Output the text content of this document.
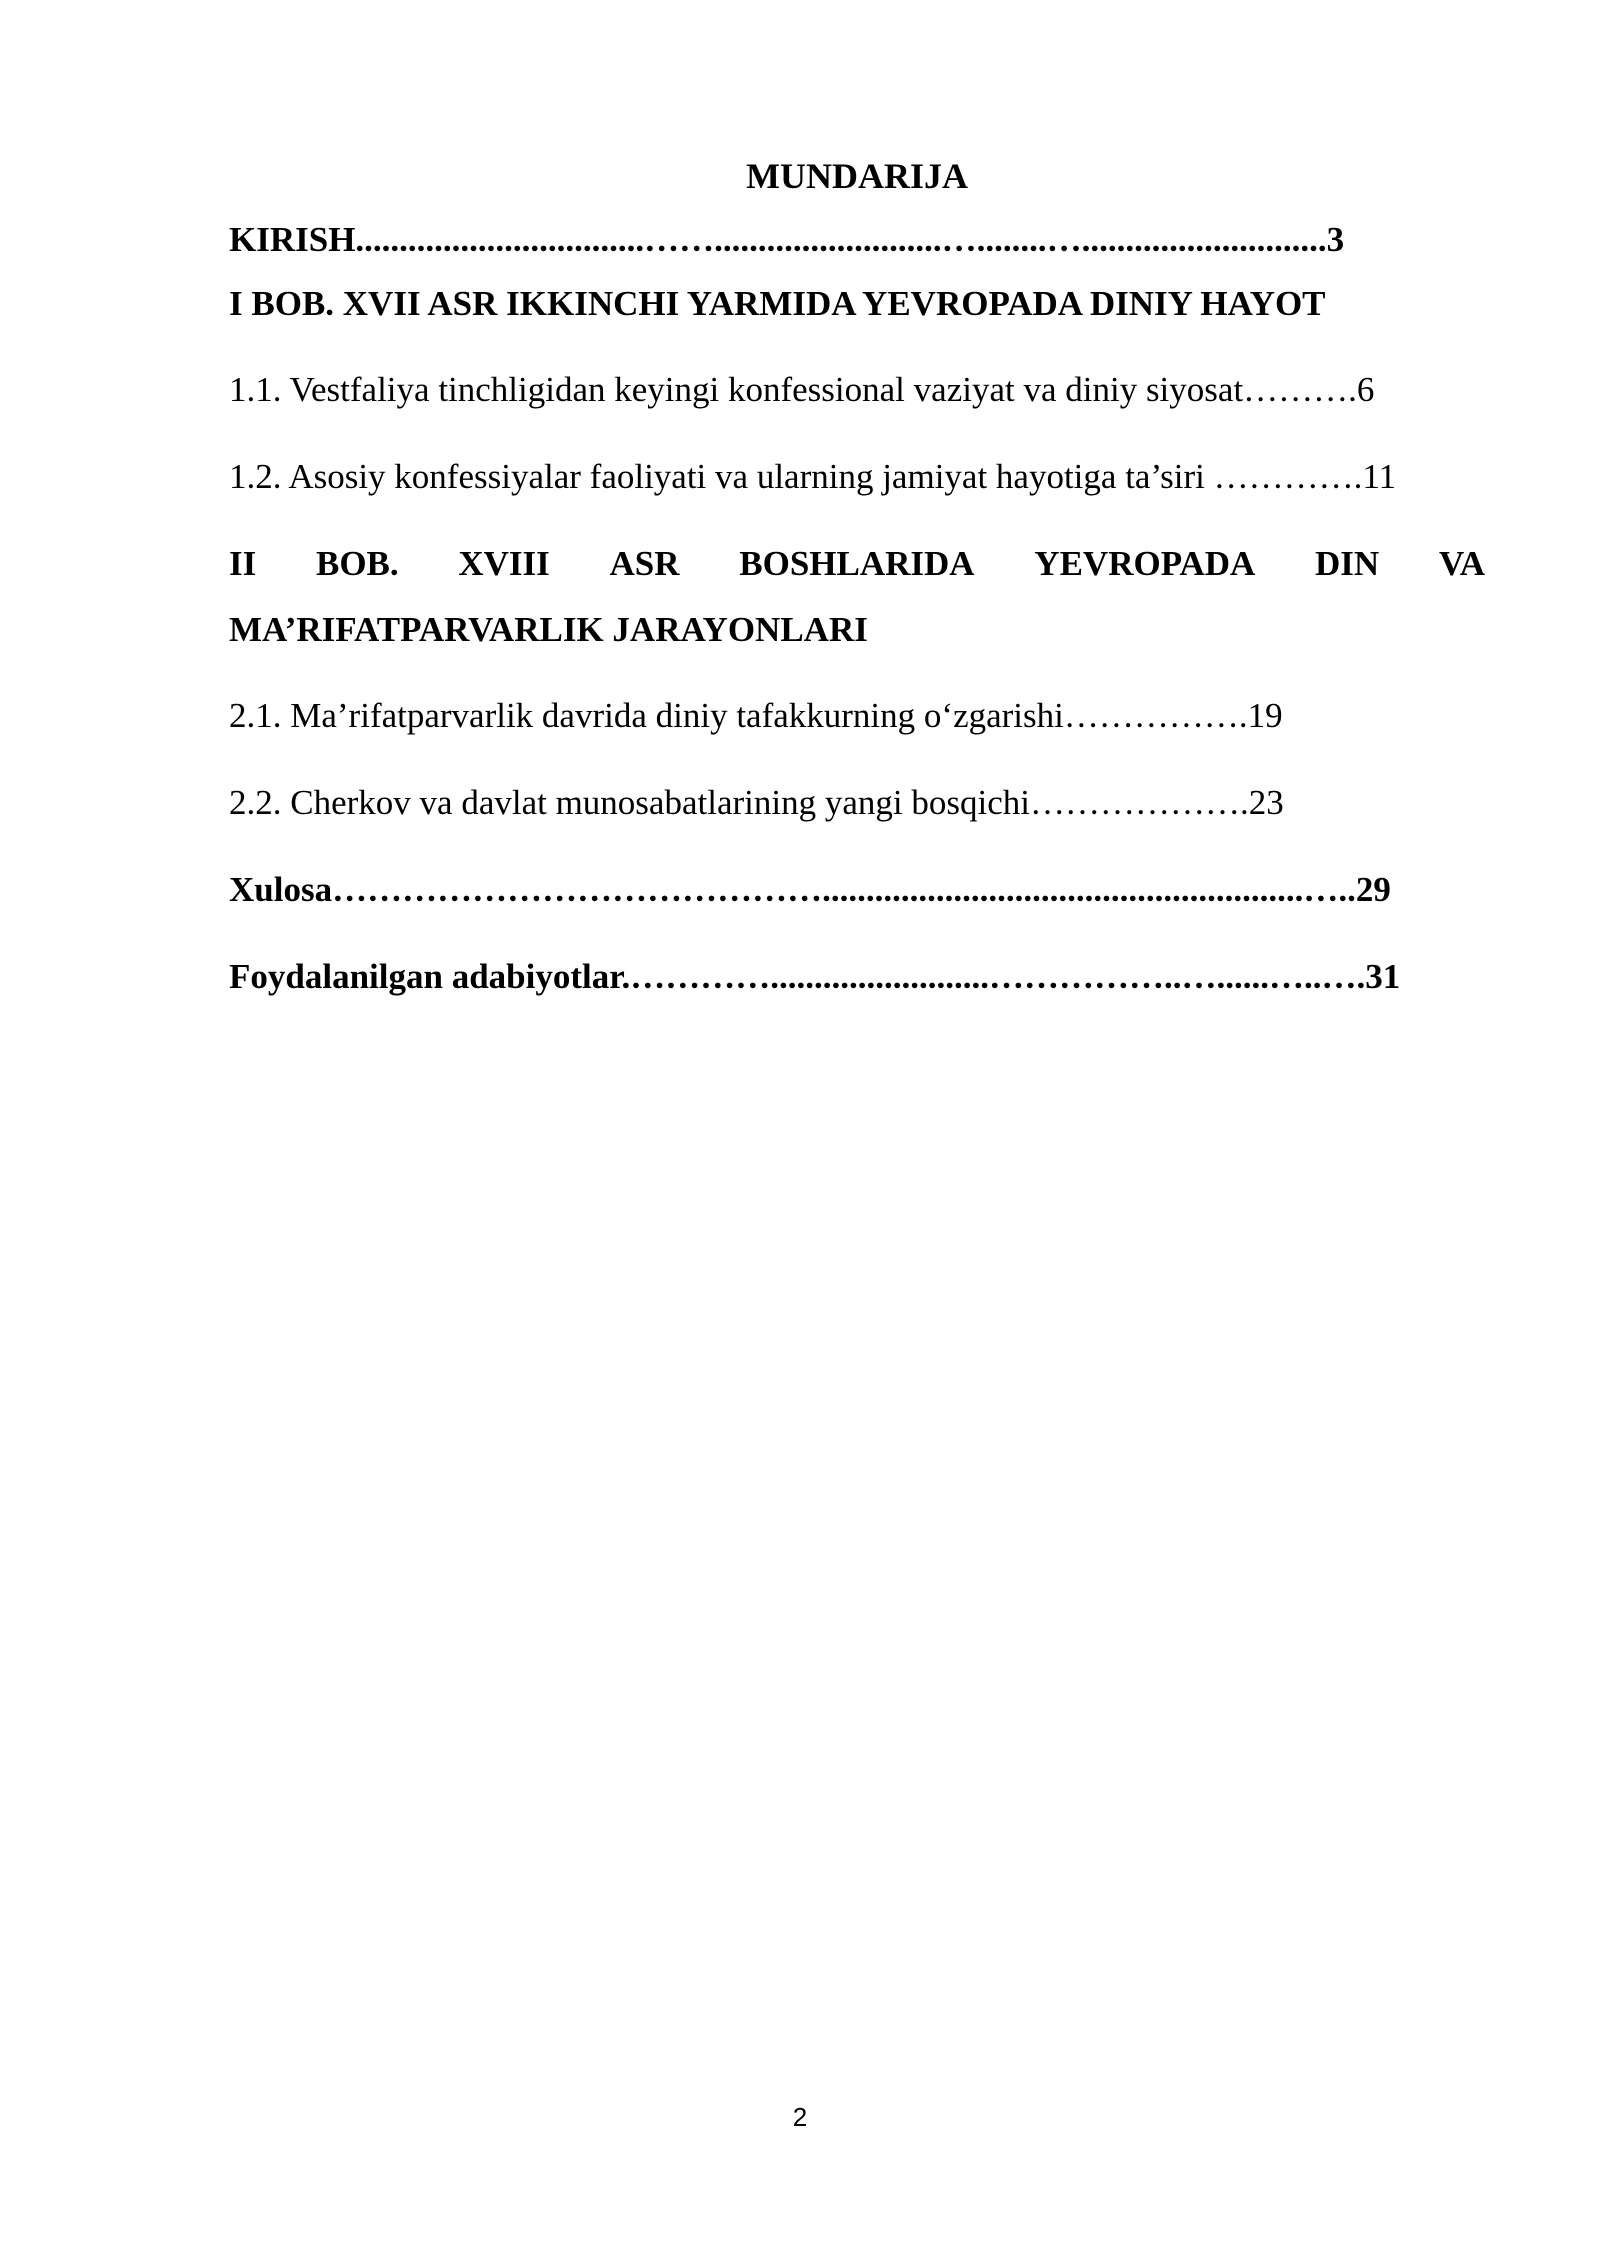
MUNDARIJA

KIRISH.................................……..........................…........…............................3

I BOB. XVII ASR IKKINCHI YARMIDA YEVROPADA DINIY HAYOT

1.1. Vestfaliya tinchligidan keyingi konfessional vaziyat va diniy siyosat……….6

1.2. Asosiy konfessiyalar faoliyati va ularning jamiyat hayotiga ta’siri ………….11

II BOB. XVIII ASR BOSHLARIDA YEVROPADA DIN VA
MA’RIFATPARVARLIK JARAYONLARI

2.1. Ma’rifatparvarlik davrida diniy tafakkurning o‘zgarishi…………….19

2.2. Cherkov va davlat munosabatlarining yangi bosqichi……………….23

Xulosa…………………………………….......................................................…..29

Foydalanilgan adabiyotlar.………….........................……………..…......…..….31

2
